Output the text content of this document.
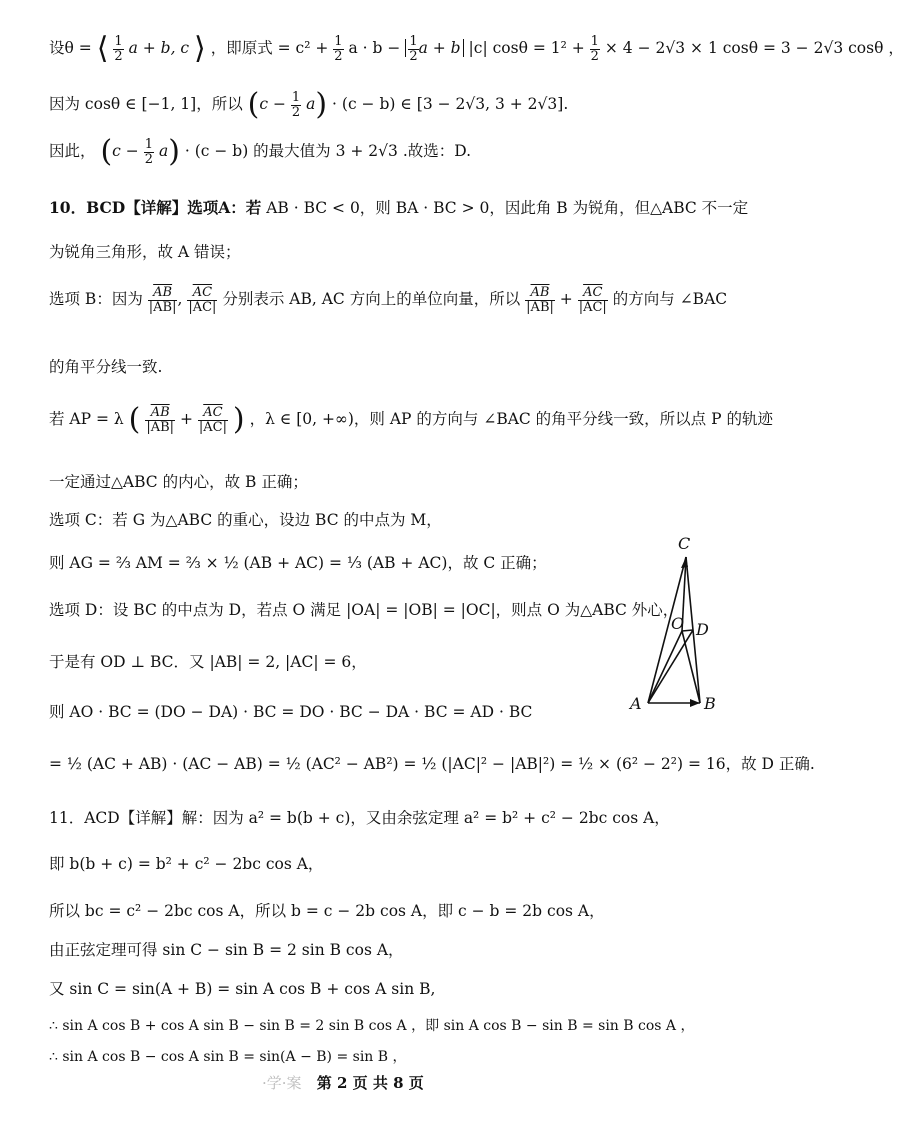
设θ = ⟨ $\frac{1}{2}$ a + b, c ⟩ ，即原式 = $c^2 + \frac{1}{2}$ $a \cdot b - \frac{1}{2}$ a + b |c| $\cos\theta = 1^2 + \frac{1}{2} \times 4 - 2√3 \times 1$ cosθ = 3 − 2√3 cosθ ，
因为 cosθ ∈ [−1, 1]，所以 $(c - \frac{1}{2} a) \cdot (c - b)$ ∈ [3 − 2√3, 3 + 2√3].
因此， $(c - \frac{1}{2} a) \cdot (c - b)$ 的最大值为 3 + 2√3 .故选：D.
10．BCD【详解】选项A：若 AB · BC < 0，则 BA · BC > 0，因此角 B 为锐角，但△ABC 不一定
为锐角三角形，故 A 错误；
选项 B：因为 $\frac{\overline{AB}}{|AB|}$ , $\frac{\overline{AC}}{|AC|}$ 分别表示 AB, AC 方向上的单位向量，所以 $\frac{\overline{AB}}{|AB|} + \frac{\overline{AC}}{|AC|}$ 的方向与 ∠BAC
的角平分线一致.
若 AP = λ ( $\frac{\overline{AB}}{|AB|} + \frac{\overline{AC}}{|AC|}$ ) ，λ ∈ [0, +∞)，则 AP 的方向与 ∠BAC 的角平分线一致，所以点 P 的轨迹
一定通过△ABC 的内心，故 B 正确；
选项 C：若 G 为△ABC 的重心，设边 BC 的中点为 M，
则 AG = ⅔ AM = ⅔ × ½ (AB + AC) = ⅓ (AB + AC)，故 C 正确；
选项 D：设 BC 的中点为 D，若点 O 满足 |OA| = |OB| = |OC|，则点 O 为△ABC 外心，
于是有 OD ⊥ BC．又 |AB| = 2, |AC| = 6，
则 AO · BC = (DO − DA) · BC = DO · BC − DA · BC = AD · BC
= ½ (AC + AB) · (AC − AB) = ½ (AC² − AB²) = ½ (|AC|² − |AB|²) = ½ × (6² − 2²) = 16，故 D 正确.
C
O D
A	B
11．ACD【详解】解：因为 a² = b(b + c)，又由余弦定理 a² = b² + c² − 2bc cos A，
即 b(b + c) = b² + c² − 2bc cos A，
所以 bc = c² − 2bc cos A，所以 b = c − 2b cos A，即 c − b = 2b cos A，
由正弦定理可得 sin C − sin B = 2 sin B cos A，
又 sin C = sin(A + B) = sin A cos B + cos A sin B,
∴ sin A cos B + cos A sin B − sin B = 2 sin B cos A ，即 sin A cos B − sin B = sin B cos A ，
∴ sin A cos B − cos A sin B = sin(A − B) = sin B ，
·学·案 第 2 页 共 8 页
